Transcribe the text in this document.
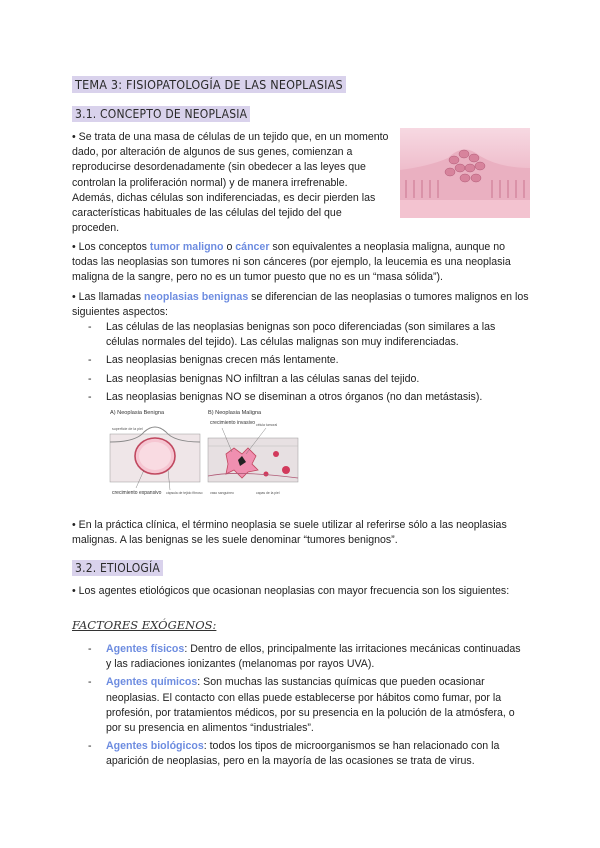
TEMA 3: FISIOPATOLOGÍA DE LAS NEOPLASIAS
3.1. CONCEPTO DE NEOPLASIA
• Se trata de una masa de células de un tejido que, en un momento dado, por alteración de algunos de sus genes, comienzan a reproducirse desordenadamente (sin obedecer a las leyes que controlan la proliferación normal) y de manera irrefrenable. Además, dichas células son indiferenciadas, es decir pierden las características habituales de las células del tejido del que proceden.
• Los conceptos tumor maligno o cáncer son equivalentes a neoplasia maligna, aunque no todas las neoplasias son tumores ni son cánceres (por ejemplo, la leucemia es una neoplasia maligna de la sangre, pero no es un tumor puesto que no es un “masa sólida”).
• Las llamadas neoplasias benignas se diferencian de las neoplasias o tumores malignos en los siguientes aspectos:
- Las células de las neoplasias benignas son poco diferenciadas (son similares a las células normales del tejido). Las células malignas son muy indiferenciadas.
- Las neoplasias benignas crecen más lentamente.
- Las neoplasias benignas NO infiltran a las células sanas del tejido.
- Las neoplasias benignas NO se diseminan a otros órganos (no dan metástasis).
A) Neoplasia Benigna
superficie de la piel
crecimiento expansivo cápsula de tejido fibroso
B) Neoplasia Maligna
crecimiento invasivo célula tumoral
vaso sanguíneo	capas de la piel
• En la práctica clínica, el término neoplasia se suele utilizar al referirse sólo a las neoplasias malignas. A las benignas se les suele denominar “tumores benignos”.
3.2. ETIOLOGÍA
• Los agentes etiológicos que ocasionan neoplasias con mayor frecuencia son los siguientes:
FACTORES EXÓGENOS:
- Agentes físicos: Dentro de ellos, principalmente las irritaciones mecánicas continuadas y las radiaciones ionizantes (melanomas por rayos UVA).
- Agentes químicos: Son muchas las sustancias químicas que pueden ocasionar neoplasias. El contacto con ellas puede establecerse por hábitos como fumar, por la profesión, por tratamientos médicos, por su presencia en la polución de la atmósfera, o por su presencia en alimentos “industriales”.
- Agentes biológicos: todos los tipos de microorganismos se han relacionado con la aparición de neoplasias, pero en la mayoría de las ocasiones se trata de virus.
